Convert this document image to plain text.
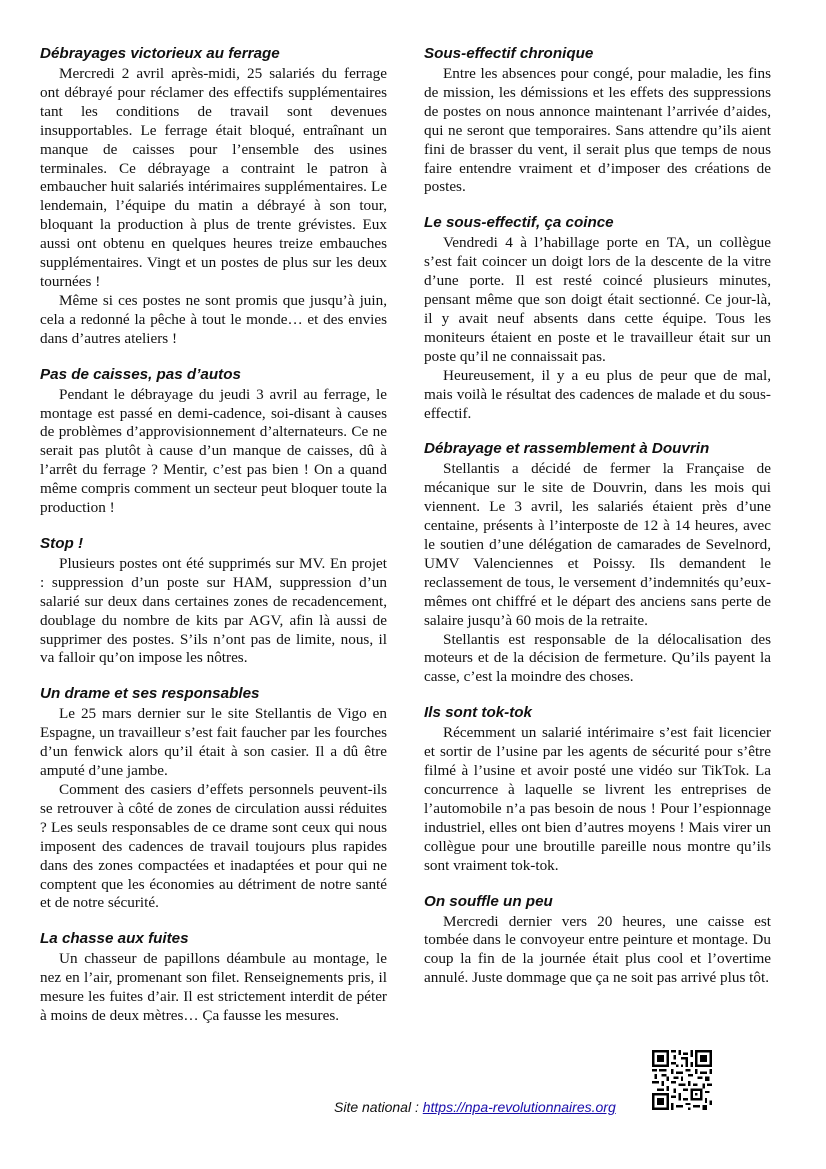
Débrayages victorieux au ferrage

Mercredi 2 avril après-midi, 25 salariés du ferrage ont débrayé pour réclamer des effectifs supplémentaires tant les conditions de travail sont devenues insupportables. Le ferrage était bloqué, entraînant un manque de caisses pour l’ensemble des usines terminales. Ce débrayage a contraint le patron à embaucher huit salariés intérimaires supplémentaires. Le lendemain, l’équipe du matin a débrayé à son tour, bloquant la production à plus de trente grévistes. Eux aussi ont obtenu en quelques heures treize embauches supplémentaires. Vingt et un postes de plus sur les deux tournées !

Même si ces postes ne sont promis que jusqu’à juin, cela a redonné la pêche à tout le monde… et des envies dans d’autres ateliers !

Pas de caisses, pas d’autos

Pendant le débrayage du jeudi 3 avril au ferrage, le montage est passé en demi-cadence, soi-disant à causes de problèmes d’approvisionnement d’alternateurs. Ce ne serait pas plutôt à cause d’un manque de caisses, dû à l’arrêt du ferrage ? Mentir, c’est pas bien ! On a quand même compris comment un secteur peut bloquer toute la production !

Stop !

Plusieurs postes ont été supprimés sur MV. En projet : suppression d’un poste sur HAM, suppression d’un salarié sur deux dans certaines zones de recadencement, doublage du nombre de kits par AGV, afin là aussi de supprimer des postes. S’ils n’ont pas de limite, nous, il va falloir qu’on impose les nôtres.

Un drame et ses responsables

Le 25 mars dernier sur le site Stellantis de Vigo en Espagne, un travailleur s’est fait faucher par les fourches d’un fenwick alors qu’il était à son casier. Il a dû être amputé d’une jambe.

Comment des casiers d’effets personnels peuvent-ils se retrouver à côté de zones de circulation aussi réduites ? Les seuls responsables de ce drame sont ceux qui nous imposent des cadences de travail toujours plus rapides dans des zones compactées et inadaptées et pour qui ne comptent que les économies au détriment de notre santé et de notre sécurité.

La chasse aux fuites

Un chasseur de papillons déambule au montage, le nez en l’air, promenant son filet. Renseignements pris, il mesure les fuites d’air. Il est strictement interdit de péter à moins de deux mètres… Ça fausse les mesures.

Sous-effectif chronique

Entre les absences pour congé, pour maladie, les fins de mission, les démissions et les effets des suppressions de postes on nous annonce maintenant l’arrivée d’aides, qui ne seront que temporaires. Sans attendre qu’ils aient fini de brasser du vent, il serait plus que temps de nous faire entendre vraiment et d’imposer des créations de postes.

Le sous-effectif, ça coince

Vendredi 4 à l’habillage porte en TA, un collègue s’est fait coincer un doigt lors de la descente de la vitre d’une porte. Il est resté coincé plusieurs minutes, pensant même que son doigt était sectionné. Ce jour-là, il y avait neuf absents dans cette équipe. Tous les moniteurs étaient en poste et le travailleur était sur un poste qu’il ne connaissait pas.

Heureusement, il y a eu plus de peur que de mal, mais voilà le résultat des cadences de malade et du sous-effectif.

Débrayage et rassemblement à Douvrin

Stellantis a décidé de fermer la Française de mécanique sur le site de Douvrin, dans les mois qui viennent. Le 3 avril, les salariés étaient près d’une centaine, présents à l’interposte de 12 à 14 heures, avec le soutien d’une délégation de camarades de Sevelnord, UMV Valenciennes et Poissy. Ils demandent le reclassement de tous, le versement d’indemnités qu’eux-mêmes ont chiffré et le départ des anciens sans perte de salaire jusqu’à 60 mois de la retraite.

Stellantis est responsable de la délocalisation des moteurs et de la décision de fermeture. Qu’ils payent la casse, c’est la moindre des choses.

Ils sont tok-tok

Récemment un salarié intérimaire s’est fait licencier et sortir de l’usine par les agents de sécurité pour s’être filmé à l’usine et avoir posté une vidéo sur TikTok. La concurrence à laquelle se livrent les entreprises de l’automobile n’a pas besoin de nous ! Pour l’espionnage industriel, elles ont bien d’autres moyens ! Mais virer un collègue pour une broutille pareille nous montre qu’ils sont vraiment tok-tok.

On souffle un peu

Mercredi dernier vers 20 heures, une caisse est tombée dans le convoyeur entre peinture et montage. Du coup la fin de la journée était plus cool et l’overtime annulé. Juste dommage que ça ne soit pas arrivé plus tôt.

Site national : https://npa-revolutionnaires.org
